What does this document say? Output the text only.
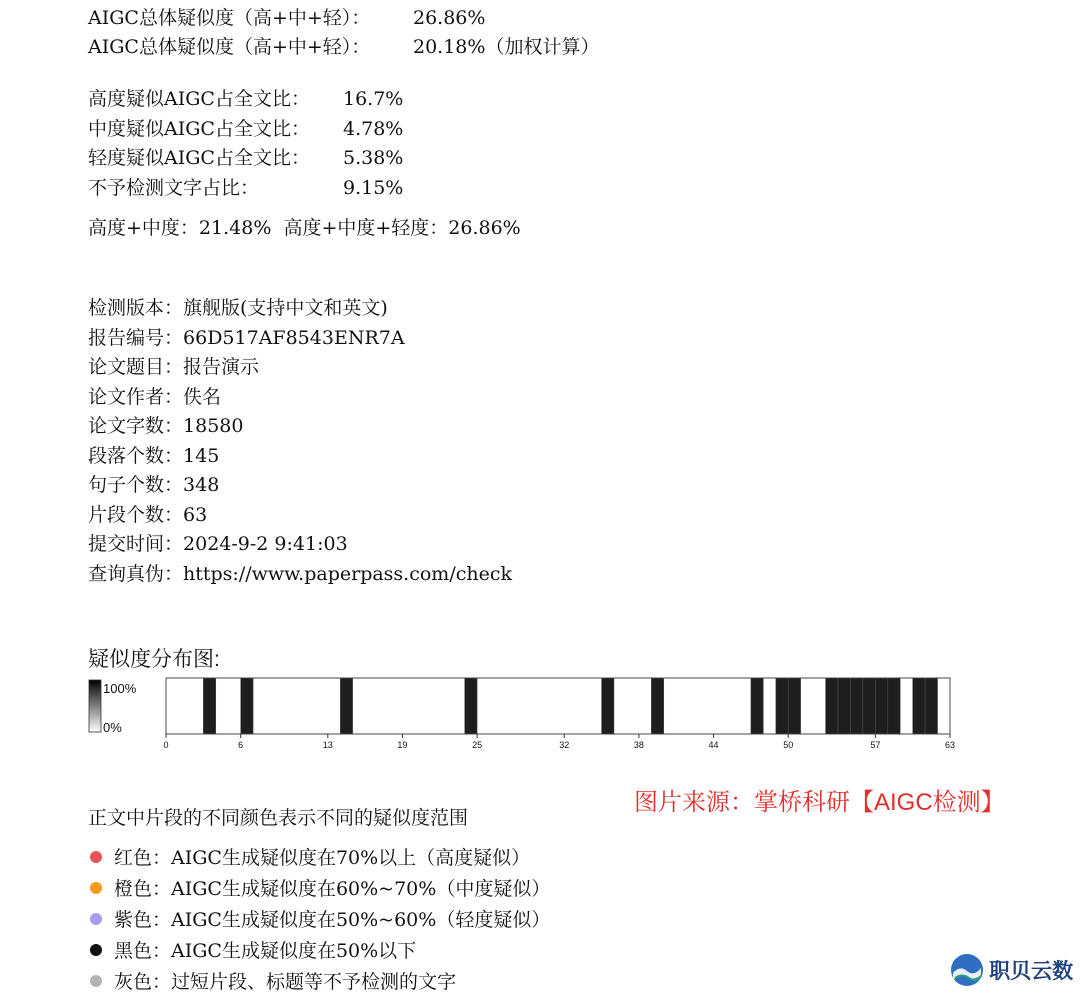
AIGC总体疑似度（高+中+轻）： 26.86%
AIGC总体疑似度（高+中+轻）： 20.18%（加权计算）
高度疑似AIGC占全文比： 16.7%
中度疑似AIGC占全文比： 4.78%
轻度疑似AIGC占全文比： 5.38%
不予检测文字占比：	9.15%
高度+中度：21.48%  高度+中度+轻度：26.86%
检测版本：旗舰版(支持中文和英文)
报告编号：66D517AF8543ENR7A
论文题目：报告演示
论文作者：佚名
论文字数：18580
段落个数：145
句子个数：348
片段个数：63
提交时间：2024-9-2 9:41:03
查询真伪：https://www.paperpass.com/check
疑似度分布图:
100%
0%
0	6	13	19	25	32	38	44	50	57	63
图片来源：掌桥科研【AIGC检测】
正文中片段的不同颜色表示不同的疑似度范围
红色：AIGC生成疑似度在70%以上（高度疑似）
橙色：AIGC生成疑似度在60%~70%（中度疑似）
紫色：AIGC生成疑似度在50%~60%（轻度疑似）
黑色：AIGC生成疑似度在50%以下
灰色：过短片段、标题等不予检测的文字	职贝云数
